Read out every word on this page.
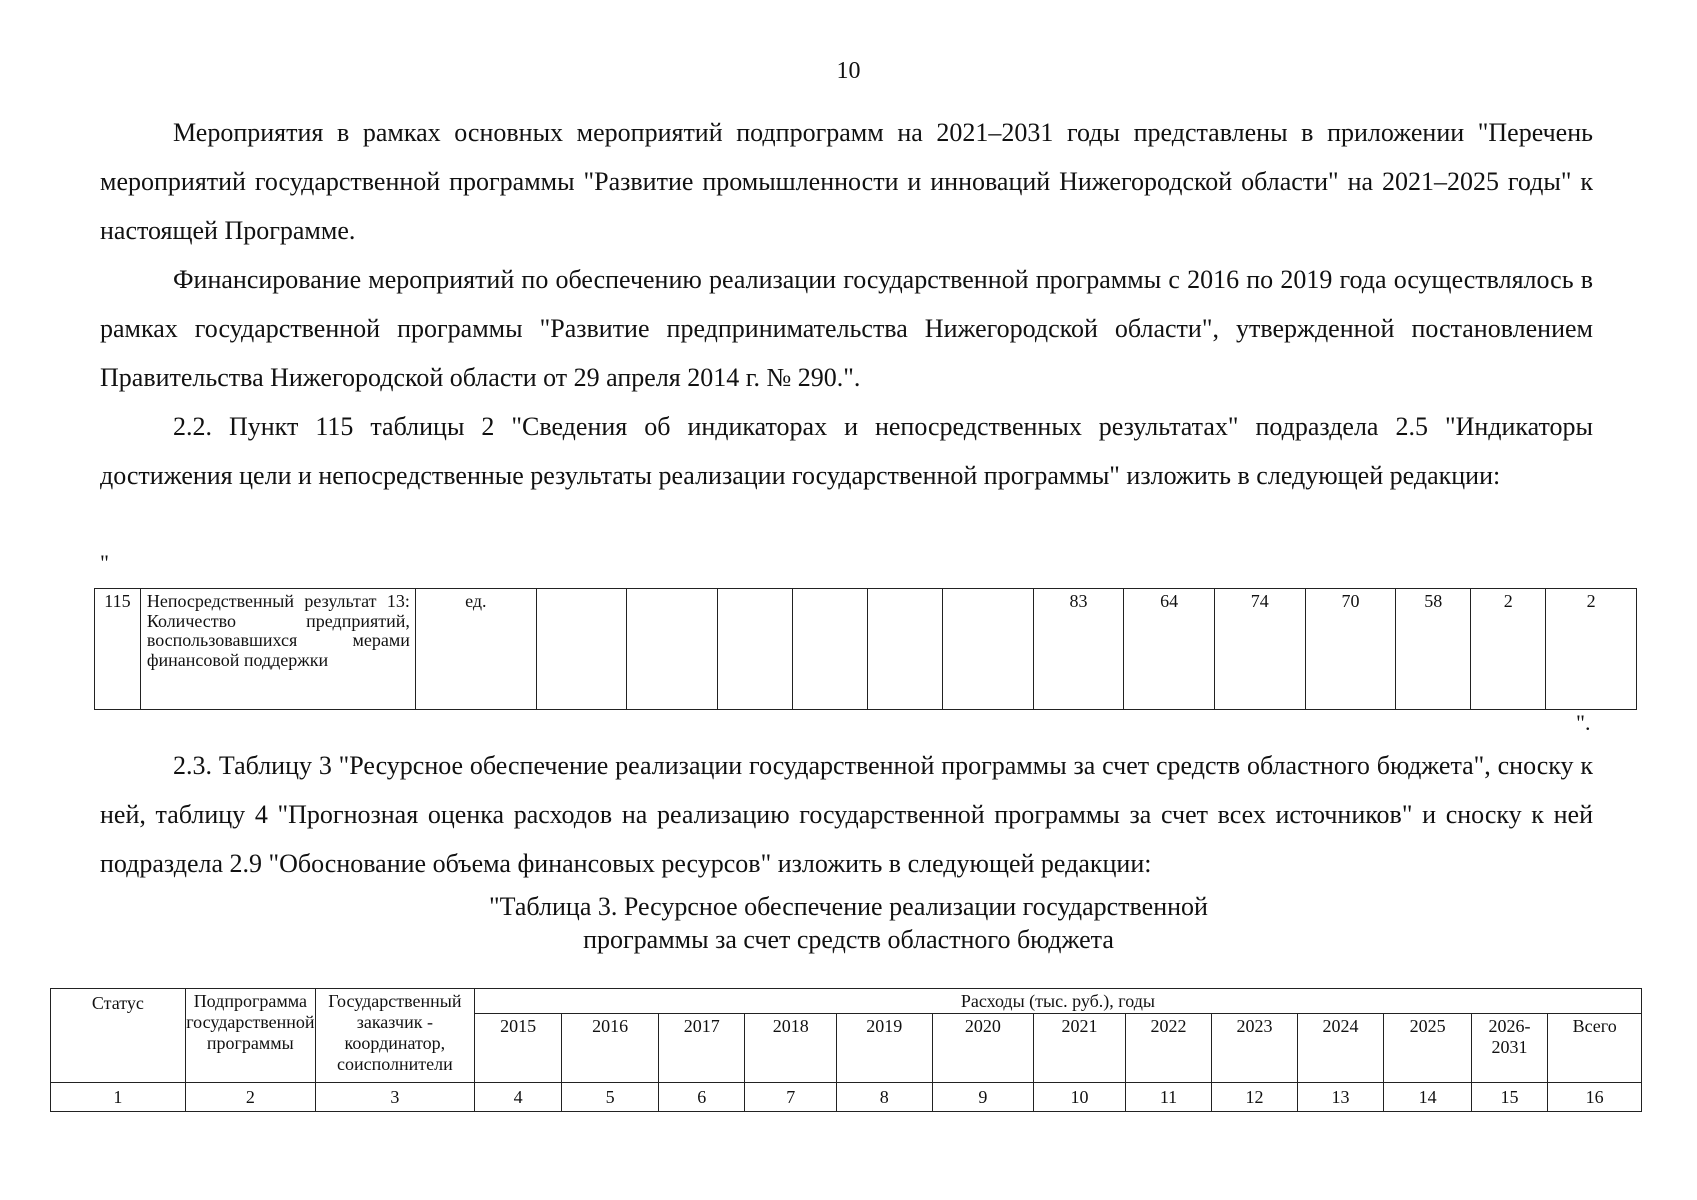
10
Мероприятия в рамках основных мероприятий подпрограмм на 2021–2031 годы представлены в приложении "Перечень мероприятий государственной программы "Развитие промышленности и инноваций Нижегородской области" на 2021–2025 годы" к настоящей Программе.
Финансирование мероприятий по обеспечению реализации государственной программы с 2016 по 2019 года осуществлялось в рамках государственной программы "Развитие предпринимательства Нижегородской области", утвержденной постановлением Правительства Нижегородской области от 29 апреля 2014 г. № 290.".
2.2. Пункт 115 таблицы 2 "Сведения об индикаторах и непосредственных результатах" подраздела 2.5 "Индикаторы достижения цели и непосредственные результаты реализации государственной программы" изложить в следующей редакции:
"
115	Непосредственный результат 13: Количество предприятий, воспользовавшихся мерами финансовой поддержки	ед.							83	64	74	70	58	2	2
".
2.3. Таблицу 3 "Ресурсное обеспечение реализации государственной программы за счет средств областного бюджета", сноску к ней, таблицу 4 "Прогнозная оценка расходов на реализацию государственной программы за счет всех источников" и сноску к ней подраздела 2.9 "Обоснование объема финансовых ресурсов" изложить в следующей редакции:
"Таблица 3. Ресурсное обеспечение реализации государственной
программы за счет средств областного бюджета
Статус	Подпрограмма государственной программы	Государственный заказчик - координатор, соисполнители	Расходы (тыс. руб.), годы												
			2015	2016	2017	2018	2019	2020	2021	2022	2023	2024	2025	2026-2031	Всего
1	2	3	4	5	6	7	8	9	10	11	12	13	14	15	16
